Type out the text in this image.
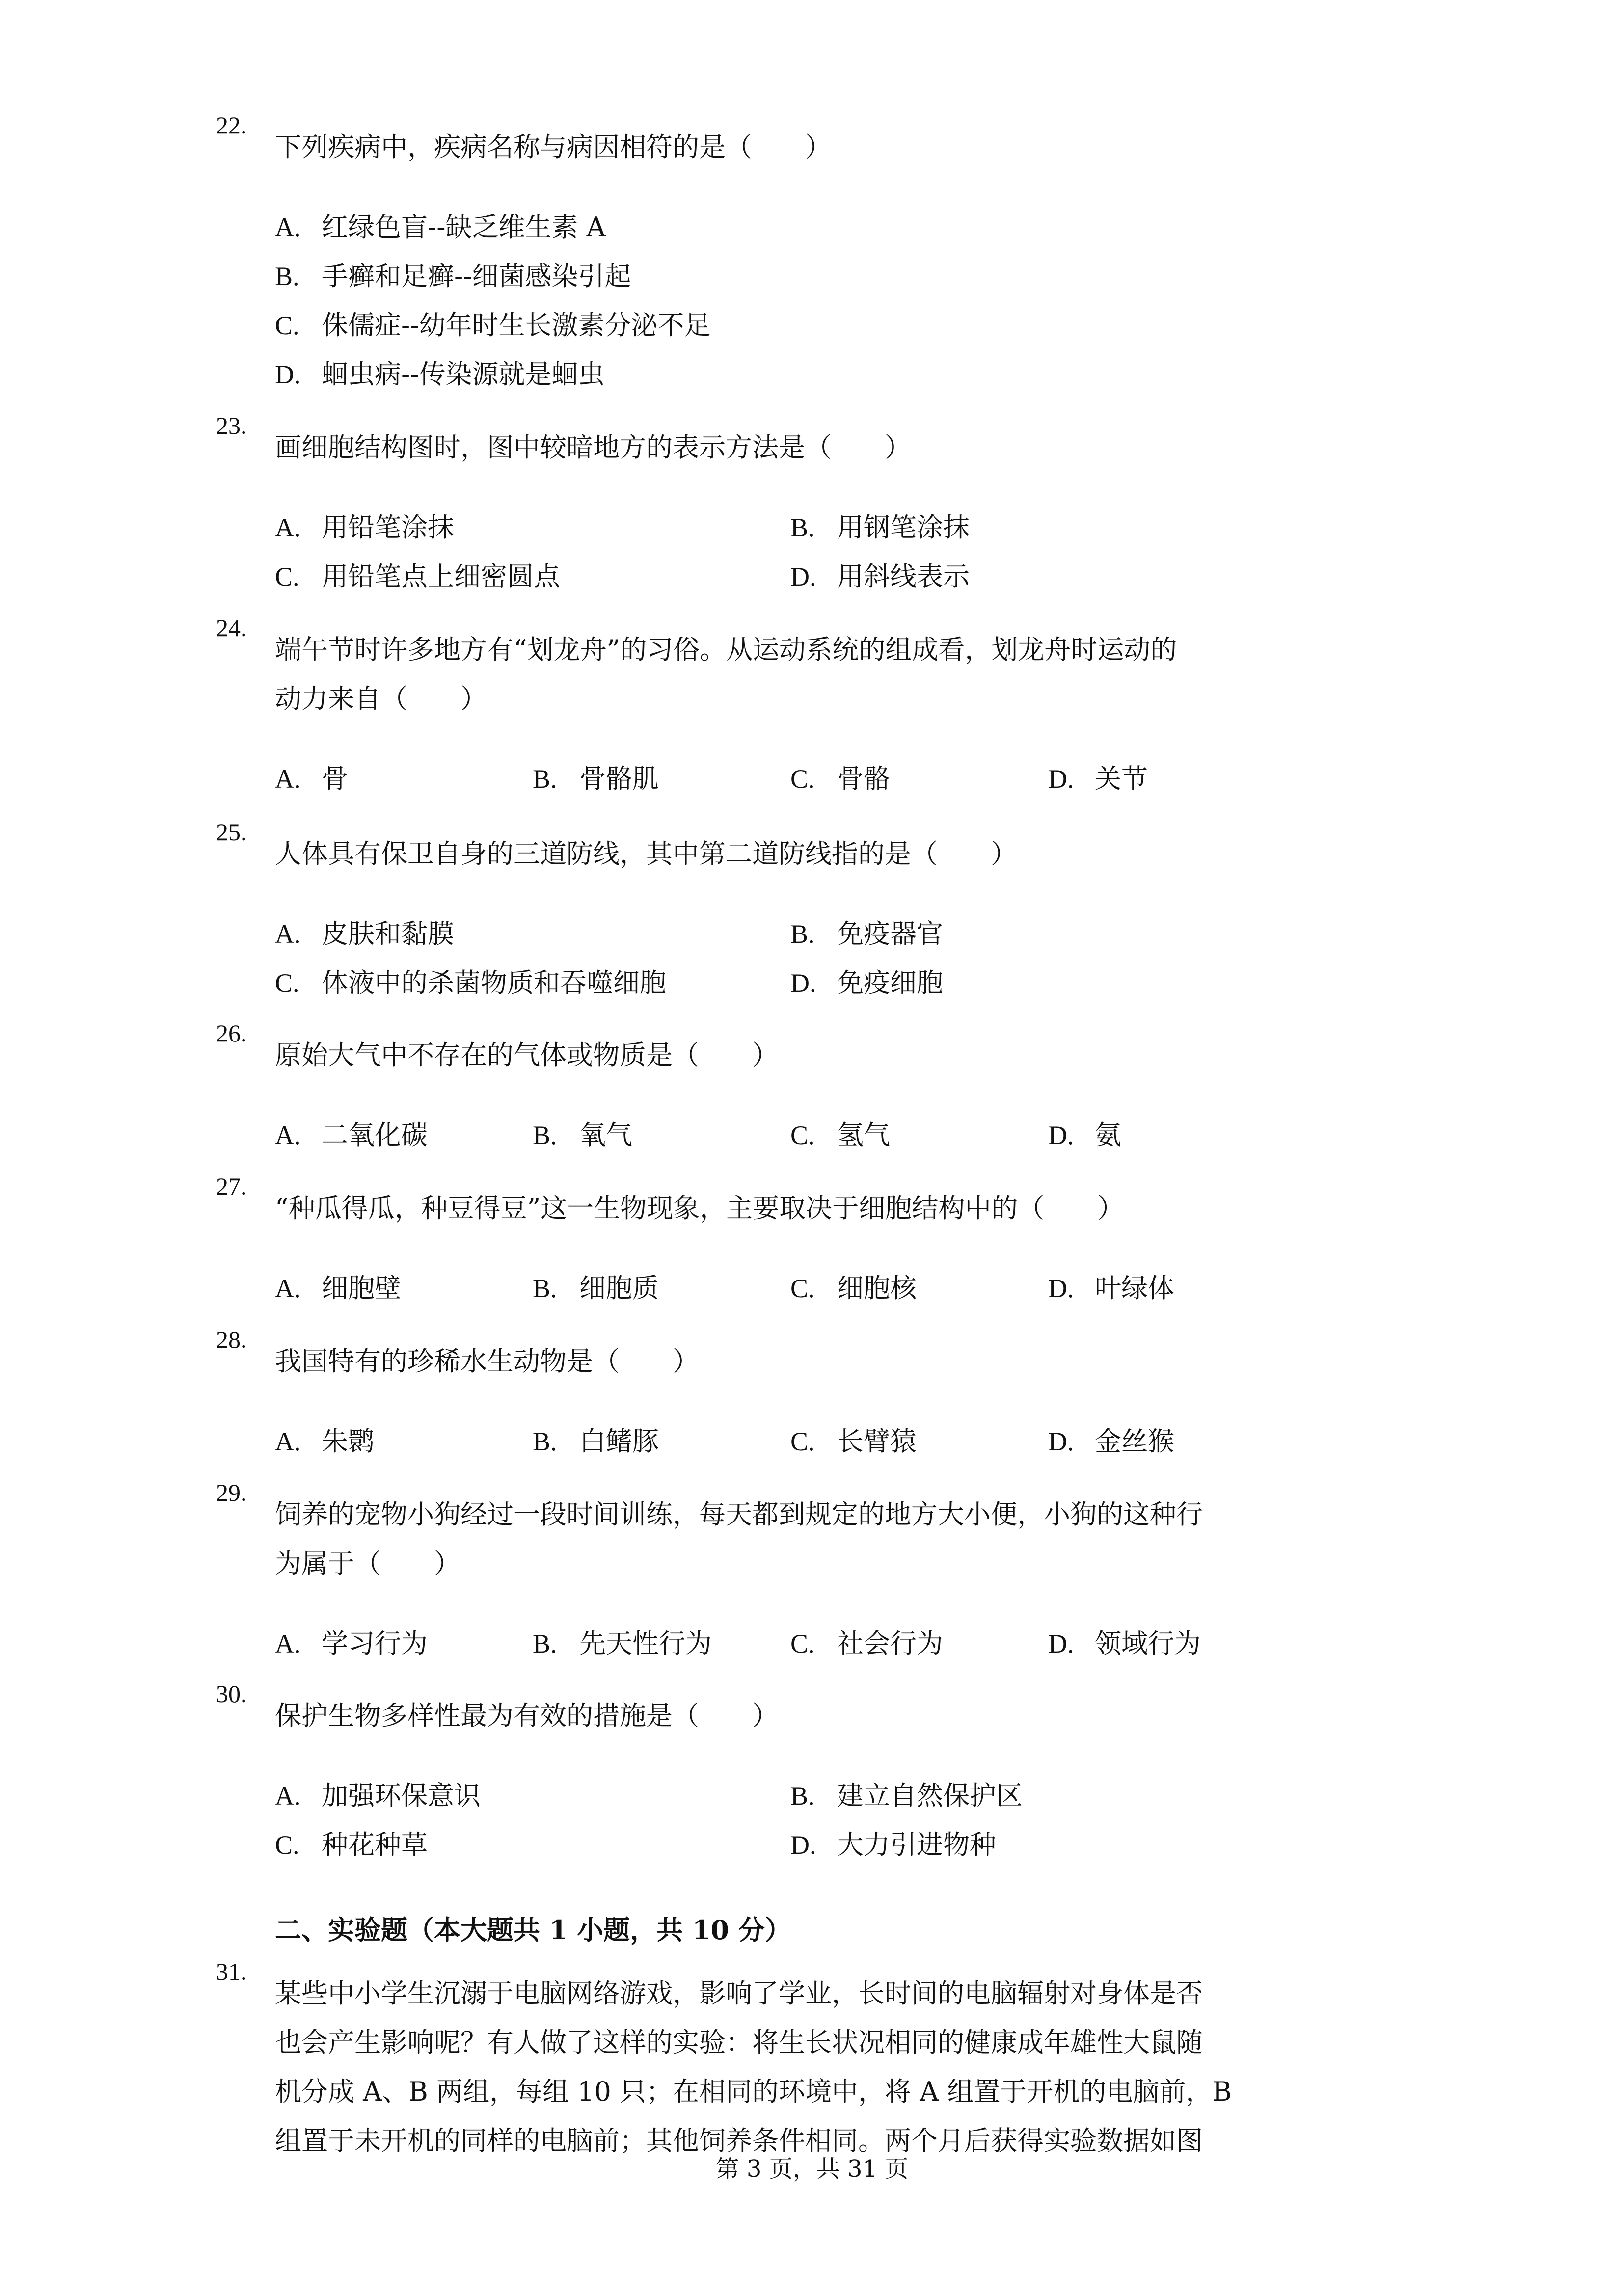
22.
下列疾病中，疾病名称与病因相符的是（　　）
A. 红绿色盲--缺乏维生素 A
B. 手癣和足癣--细菌感染引起
C. 侏儒症--幼年时生长激素分泌不足
D. 蛔虫病--传染源就是蛔虫
23.
画细胞结构图时，图中较暗地方的表示方法是（　　）
A. 用铅笔涂抹	B. 用钢笔涂抹
C. 用铅笔点上细密圆点	D. 用斜线表示
24.
端午节时许多地方有“划龙舟”的习俗。从运动系统的组成看，划龙舟时运动的
动力来自（　　）
A. 骨	B. 骨骼肌	C. 骨骼	D. 关节
25.
人体具有保卫自身的三道防线，其中第二道防线指的是（　　）
A. 皮肤和黏膜	B. 免疫器官
C. 体液中的杀菌物质和吞噬细胞	D. 免疫细胞
26.
原始大气中不存在的气体或物质是（　　）
A. 二氧化碳	B. 氧气	C. 氢气	D. 氨
27.
“种瓜得瓜，种豆得豆”这一生物现象，主要取决于细胞结构中的（　　）
A. 细胞壁	B. 细胞质	C. 细胞核	D. 叶绿体
28.
我国特有的珍稀水生动物是（　　）
A. 朱鹮	B. 白鳍豚	C. 长臂猿	D. 金丝猴
29.
饲养的宠物小狗经过一段时间训练，每天都到规定的地方大小便，小狗的这种行
为属于（　　）
A. 学习行为	B. 先天性行为	C. 社会行为	D. 领域行为
30.
保护生物多样性最为有效的措施是（　　）
A. 加强环保意识	B. 建立自然保护区
C. 种花种草	D. 大力引进物种
二、实验题（本大题共 1 小题，共 10 分）
31.
某些中小学生沉溺于电脑网络游戏，影响了学业，长时间的电脑辐射对身体是否
也会产生影响呢？有人做了这样的实验：将生长状况相同的健康成年雄性大鼠随
机分成 A、B 两组，每组 10 只；在相同的环境中，将 A 组置于开机的电脑前，B
组置于未开机的同样的电脑前；其他饲养条件相同。两个月后获得实验数据如图
第 3 页，共 31 页
